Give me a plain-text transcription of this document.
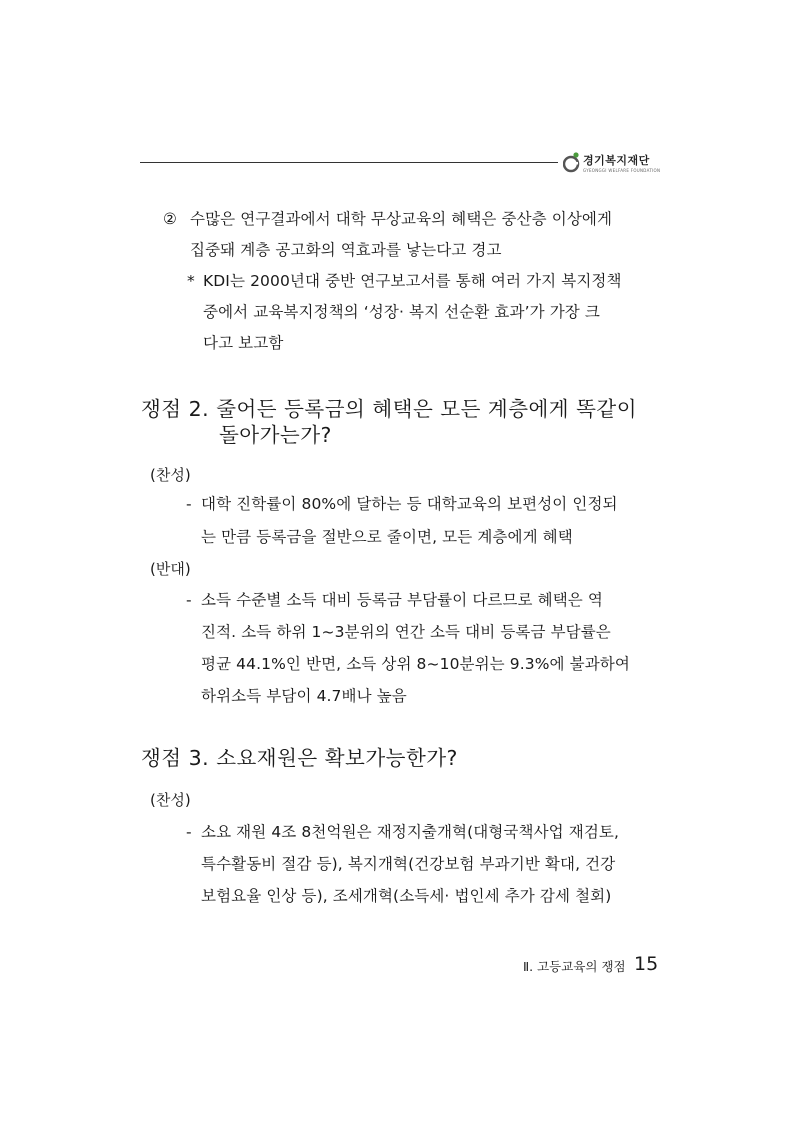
경기복지재단
GYEONGGI WELFARE FOUNDATION
② 수많은 연구결과에서 대학 무상교육의 혜택은 중산층 이상에게
집중돼 계층 공고화의 역효과를 낳는다고 경고
* KDI는 2000년대 중반 연구보고서를 통해 여러 가지 복지정책
중에서 교육복지정책의 ‘성장· 복지 선순환 효과’가 가장 크
다고 보고함
쟁점 2. 줄어든 등록금의 혜택은 모든 계층에게 똑같이
돌아가는가?
(찬성)
- 대학 진학률이 80%에 달하는 등 대학교육의 보편성이 인정되
는 만큼 등록금을 절반으로 줄이면, 모든 계층에게 혜택
(반대)
- 소득 수준별 소득 대비 등록금 부담률이 다르므로 혜택은 역
진적. 소득 하위 1~3분위의 연간 소득 대비 등록금 부담률은
평균 44.1%인 반면, 소득 상위 8~10분위는 9.3%에 불과하여
하위소득 부담이 4.7배나 높음
쟁점 3. 소요재원은 확보가능한가?
(찬성)
- 소요 재원 4조 8천억원은 재정지출개혁(대형국책사업 재검토,
특수활동비 절감 등), 복지개혁(건강보험 부과기반 확대, 건강
보험요율 인상 등), 조세개혁(소득세· 법인세 추가 감세 철회)
Ⅱ. 고등교육의 쟁점 15
